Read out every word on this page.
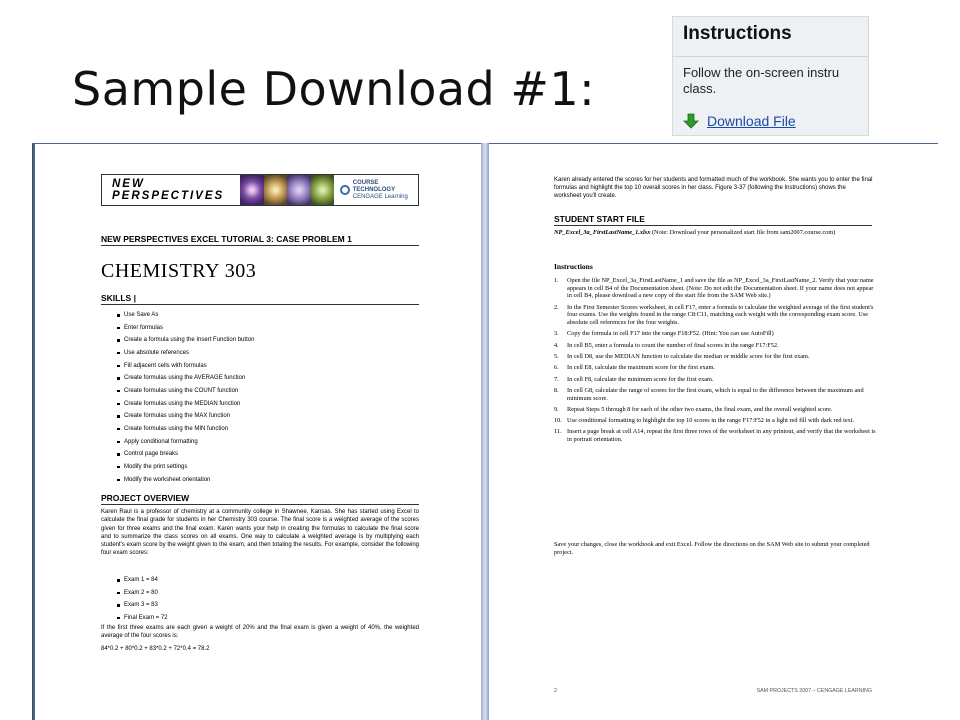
Sample Download #1:
Instructions
Follow the on-screen instru
class.
Download File
NEW PERSPECTIVES
COURSE TECHNOLOGY
CENGAGE Learning
NEW PERSPECTIVES EXCEL TUTORIAL 3: CASE PROBLEM 1
CHEMISTRY 303
SKILLS |
Use Save As
Enter formulas
Create a formula using the Insert Function button
Use absolute references
Fill adjacent cells with formulas
Create formulas using the AVERAGE function
Create formulas using the COUNT function
Create formulas using the MEDIAN function
Create formulas using the MAX function
Create formulas using the MIN function
Apply conditional formatting
Control page breaks
Modify the print settings
Modify the worksheet orientation
PROJECT OVERVIEW
Karen Raul is a professor of chemistry at a community college in Shawnee, Kansas. She has started using Excel to calculate the final grade for students in her Chemistry 303 course. The final score is a weighted average of the scores given for three exams and the final exam. Karen wants your help in creating the formulas to calculate the final score and to summarize the class scores on all exams. One way to calculate a weighted average is by multiplying each student's exam score by the weight given to the exam, and then totaling the results. For example, consider the following four exam scores:
Exam 1 = 84
Exam 2 = 80
Exam 3 = 83
Final Exam = 72
If the first three exams are each given a weight of 20% and the final exam is given a weight of 40%, the weighted average of the four scores is:
84*0.2 + 80*0.2 + 83*0.2 + 72*0.4 = 78.2
Karen already entered the scores for her students and formatted much of the workbook. She wants you to enter the final formulas and highlight the top 10 overall scores in her class. Figure 3-37 (following the Instructions) shows the worksheet you'll create.
STUDENT START FILE
NP_Excel_3a_FirstLastName_1.xlsx (Note: Download your personalized start file from sam2007.course.com)
Instructions
1.	Open the file NP_Excel_3a_FirstLastName_1 and save the file as NP_Excel_3a_FirstLastName_2. Verify that your name appears in cell B4 of the Documentation sheet. (Note: Do not edit the Documentation sheet. If your name does not appear in cell B4, please download a new copy of the start file from the SAM Web site.)
2.	In the First Semester Scores worksheet, in cell F17, enter a formula to calculate the weighted average of the first student's four exams. Use the weights found in the range C8:C11, matching each weight with the corresponding exam score. Use absolute cell references for the four weights.
3.	Copy the formula in cell F17 into the range F18:F52. (Hint: You can use AutoFill)
4.	In cell B5, enter a formula to count the number of final scores in the range F17:F52.
5.	In cell D8, use the MEDIAN function to calculate the median or middle score for the first exam.
6.	In cell E8, calculate the maximum score for the first exam.
7.	In cell F8, calculate the minimum score for the first exam.
8.	In cell G8, calculate the range of scores for the first exam, which is equal to the difference between the maximum and minimum score.
9.	Repeat Steps 5 through 8 for each of the other two exams, the final exam, and the overall weighted score.
10. Use conditional formatting to highlight the top 10 scores in the range F17:F52 in a light red fill with dark red text.
11. Insert a page break at cell A14, repeat the first three rows of the worksheet in any printout, and verify that the worksheet is in portrait orientation.
Save your changes, close the workbook and exit Excel. Follow the directions on the SAM Web site to submit your completed project.
2	SAM PROJECTS 2007 – CENGAGE LEARNING
